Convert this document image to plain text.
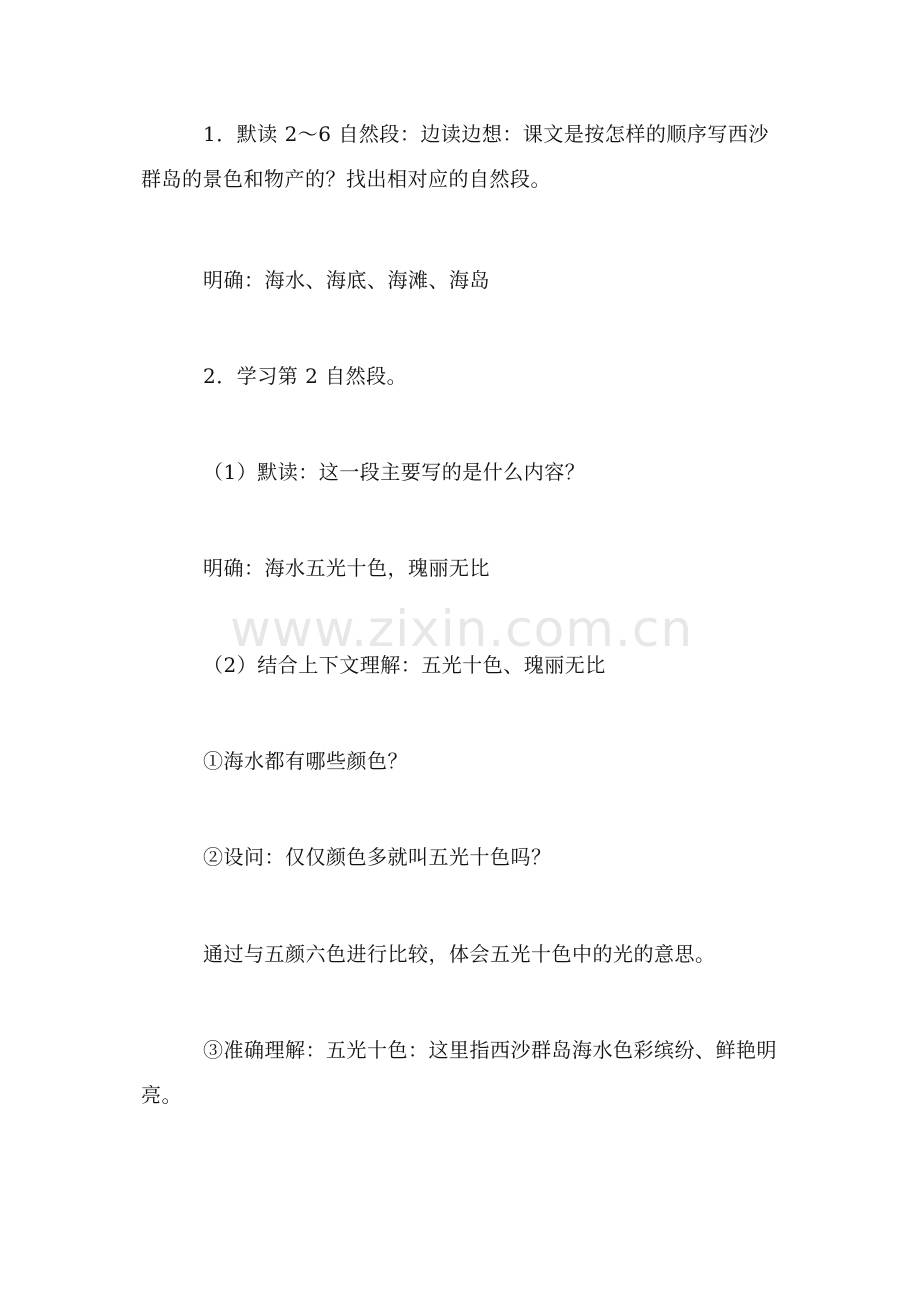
1．默读 2～6 自然段：边读边想：课文是按怎样的顺序写西沙群岛的景色和物产的？找出相对应的自然段。

明确：海水、海底、海滩、海岛

2．学习第 2 自然段。

（1）默读：这一段主要写的是什么内容？

明确：海水五光十色，瑰丽无比

（2）结合上下文理解：五光十色、瑰丽无比

①海水都有哪些颜色？

②设问：仅仅颜色多就叫五光十色吗？

通过与五颜六色进行比较，体会五光十色中的光的意思。

③准确理解：五光十色：这里指西沙群岛海水色彩缤纷、鲜艳明亮。

www.zixin.com.cn
